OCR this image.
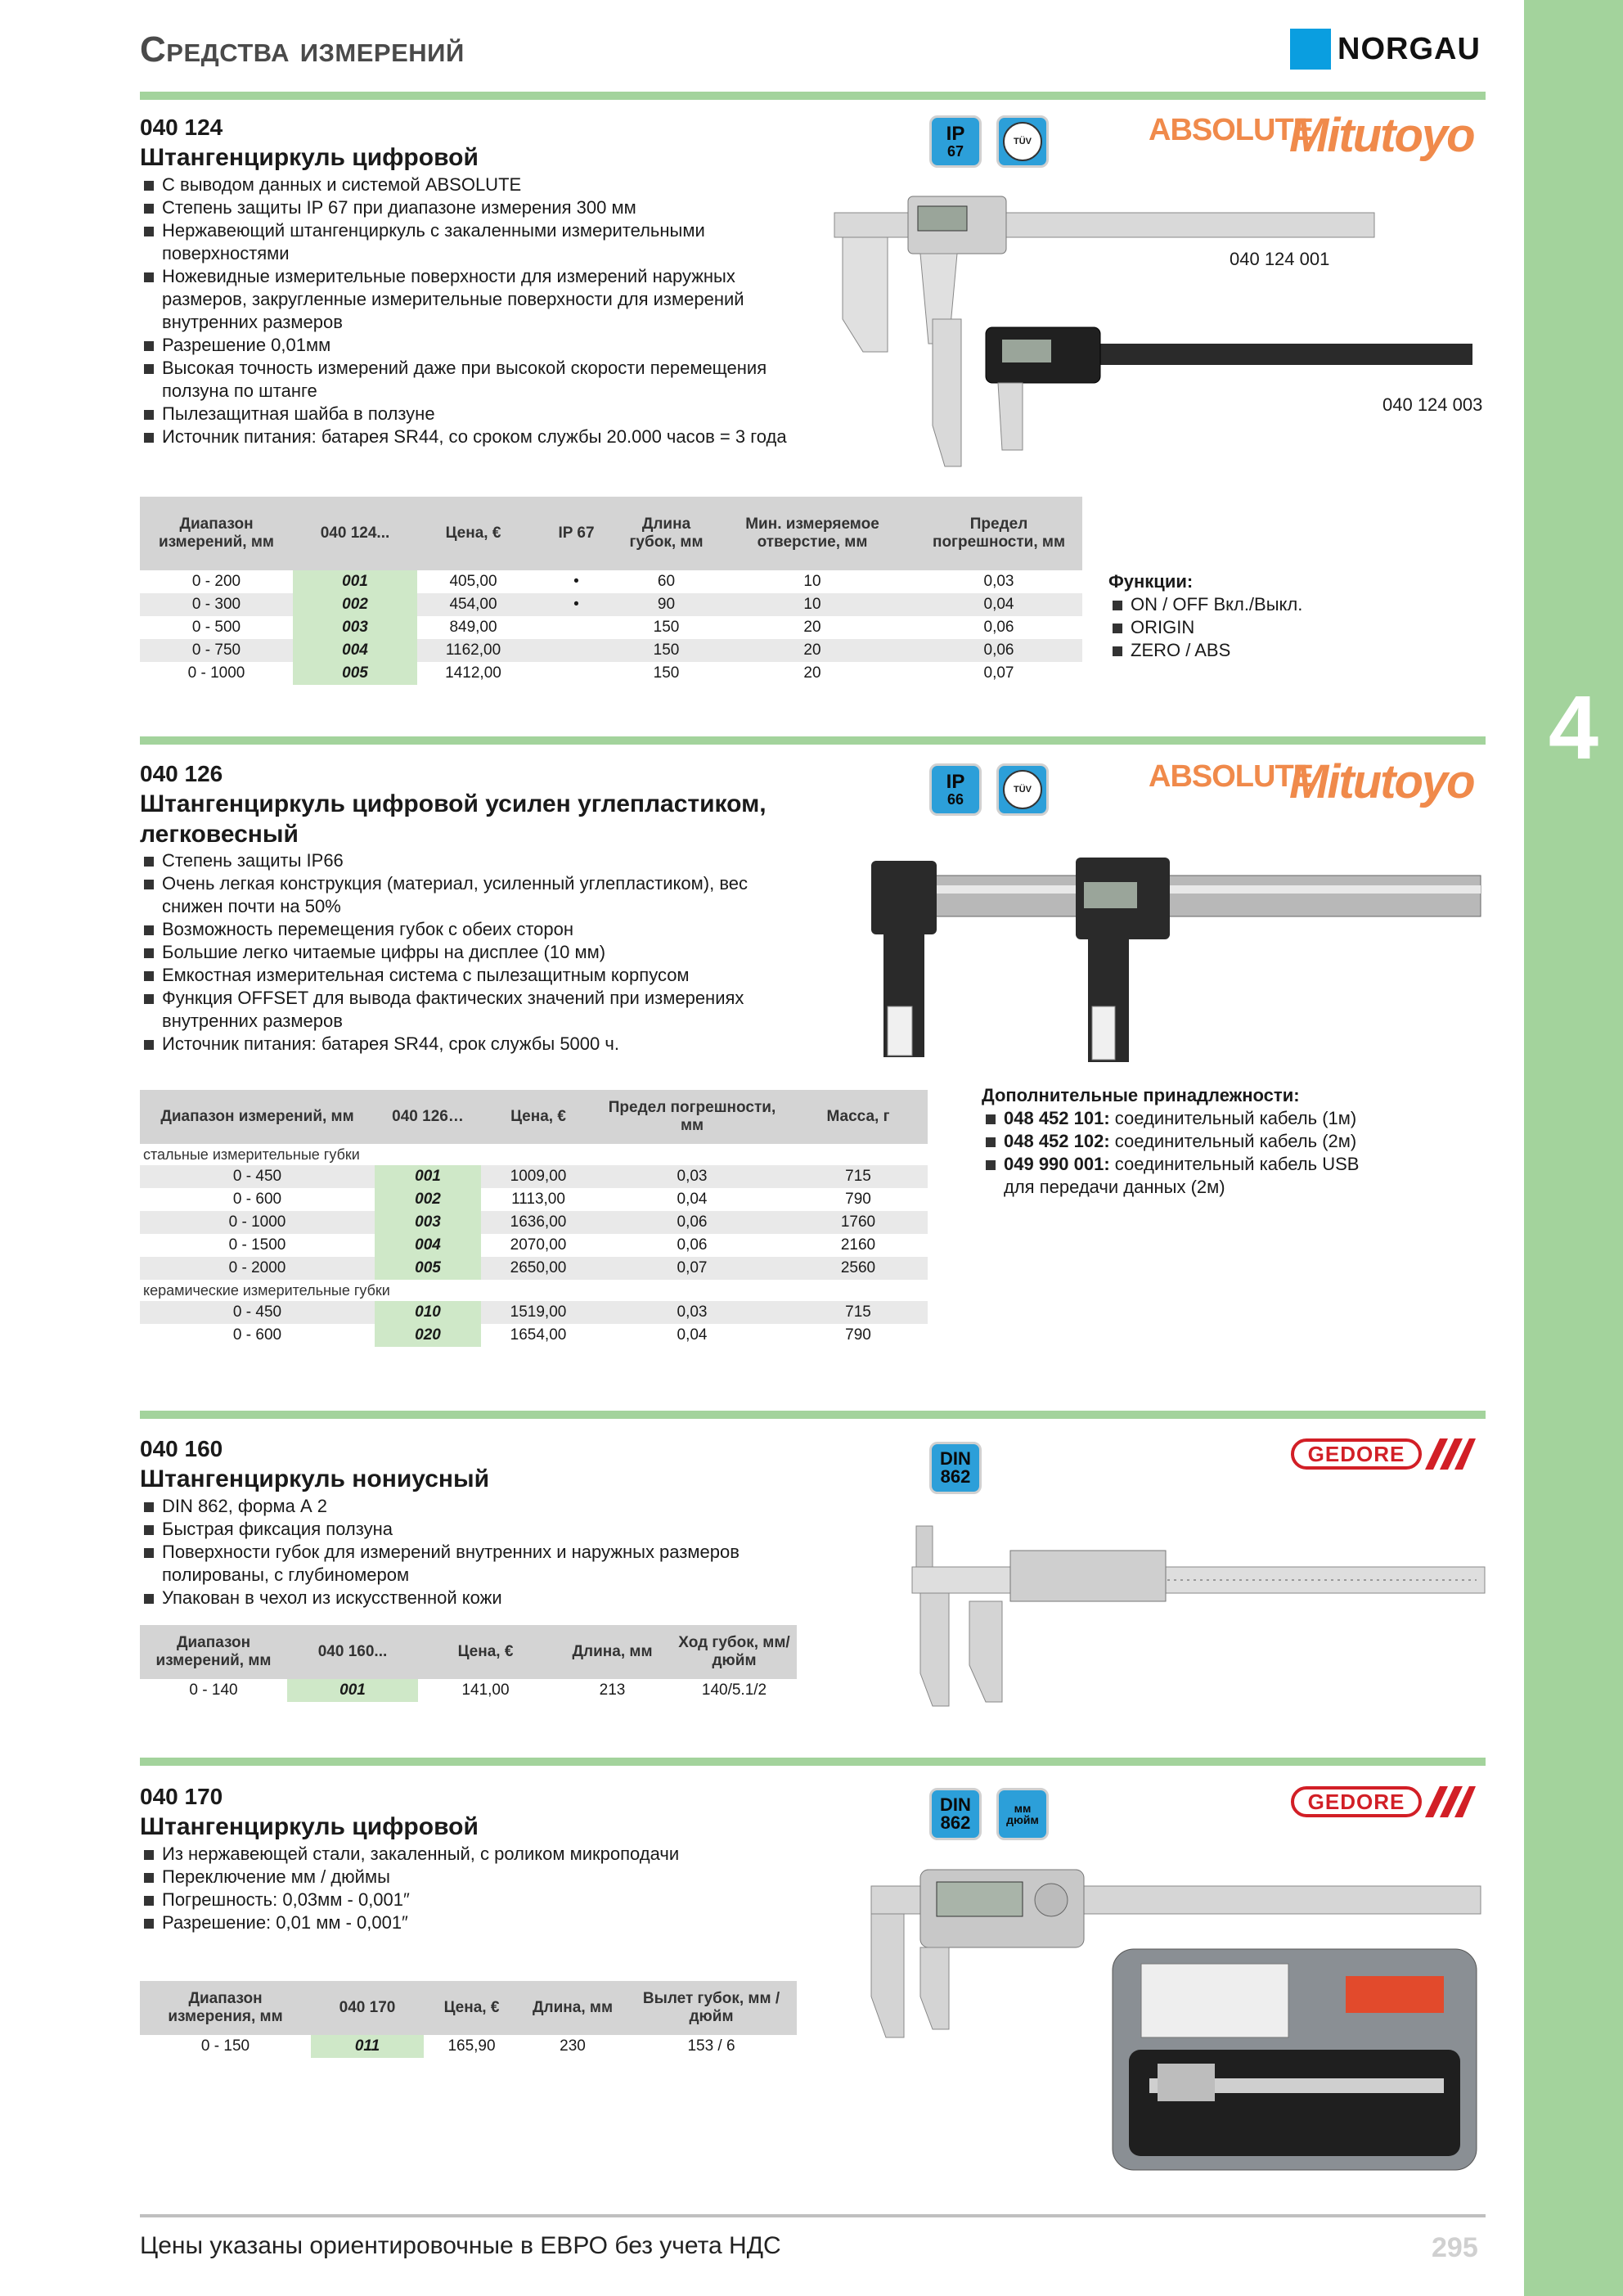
4
Средства измерений	NORGAU
040 124
Штангенциркуль цифровой
С выводом данных и системой ABSOLUTE
Степень защиты IP 67 при диапазоне измерения 300 мм
Нержавеющий штангенциркуль с закаленными измерительными поверхностями
Ножевидные измерительные поверхности для измерений наружных размеров, закругленные измерительные поверхности для измерений внутренних размеров
Разрешение 0,01мм
Высокая точность измерений даже при высокой скорости перемещения ползуна по штанге
Пылезащитная шайба в ползуне
Источник питания: батарея SR44, со сроком службы 20.000 часов = 3 года
IP
67
TÜV	ABSOLUTE
Mitutoyo
040 124 001
040 124 003
Диапазон измерений, мм	040 124...	Цена, €	IP 67	Длина губок, мм	Мин. измеряемое отверстие, мм	Предел погрешности, мм
0 - 200	001	405,00	•	60	10	0,03
0 - 300	002	454,00	•	90	10	0,04
0 - 500	003	849,00		150	20	0,06
0 - 750	004	1162,00		150	20	0,06
0 - 1000	005	1412,00		150	20	0,07
Функции:
ON / OFF Вкл./Выкл.
ORIGIN
ZERO / ABS
040 126
Штангенциркуль цифровой усилен углепластиком,
легковесный
Степень защиты IP66
Очень легкая конструкция (материал, усиленный углепластиком), вес снижен почти на 50%
Возможность перемещения губок с обеих сторон
Большие легко читаемые цифры на дисплее (10 мм)
Емкостная измерительная система с пылезащитным корпусом
Функция OFFSET для вывода фактических значений при измерениях внутренних размеров
Источник питания: батарея SR44, срок службы 5000 ч.
IP
66
TÜV	ABSOLUTE
Mitutoyo
Диапазон измерений, мм	040 126…	Цена, €	Предел погрешности, мм	Масса, г
стальные измерительные губки				
0 - 450	001	1009,00	0,03	715
0 - 600	002	1113,00	0,04	790
0 - 1000	003	1636,00	0,06	1760
0 - 1500	004	2070,00	0,06	2160
0 - 2000	005	2650,00	0,07	2560
керамические измерительные губки				
0 - 450	010	1519,00	0,03	715
0 - 600	020	1654,00	0,04	790
Дополнительные принадлежности:
048 452 101: соединительный кабель (1м)
048 452 102: соединительный кабель (2м)
049 990 001: соединительный кабель USB
для передачи данных (2м)
040 160
Штангенциркуль нониусный
DIN 862, форма А 2
Быстрая фиксация ползуна
Поверхности губок для измерений внутренних и наружных размеров полированы, с глубиномером
Упакован в чехол из искусственной кожи
DIN
862
GEDORE
Диапазон измерений, мм	040 160...	Цена, €	Длина, мм	Ход губок, мм/дюйм
0 - 140	001	141,00	213	140/5.1/2
040 170
Штангенциркуль цифровой
Из нержавеющей стали, закаленный, с роликом микроподачи
Переключение мм / дюймы
Погрешность: 0,03мм - 0,001″
Разрешение: 0,01 мм - 0,001″
DIN
862
мм
дюйм
GEDORE
Диапазон измерения, мм	040 170	Цена, €	Длина, мм	Вылет губок, мм / дюйм
0 - 150	011	165,90	230	153 / 6
Цены указаны ориентировочные в ЕВРО без учета НДС	295
